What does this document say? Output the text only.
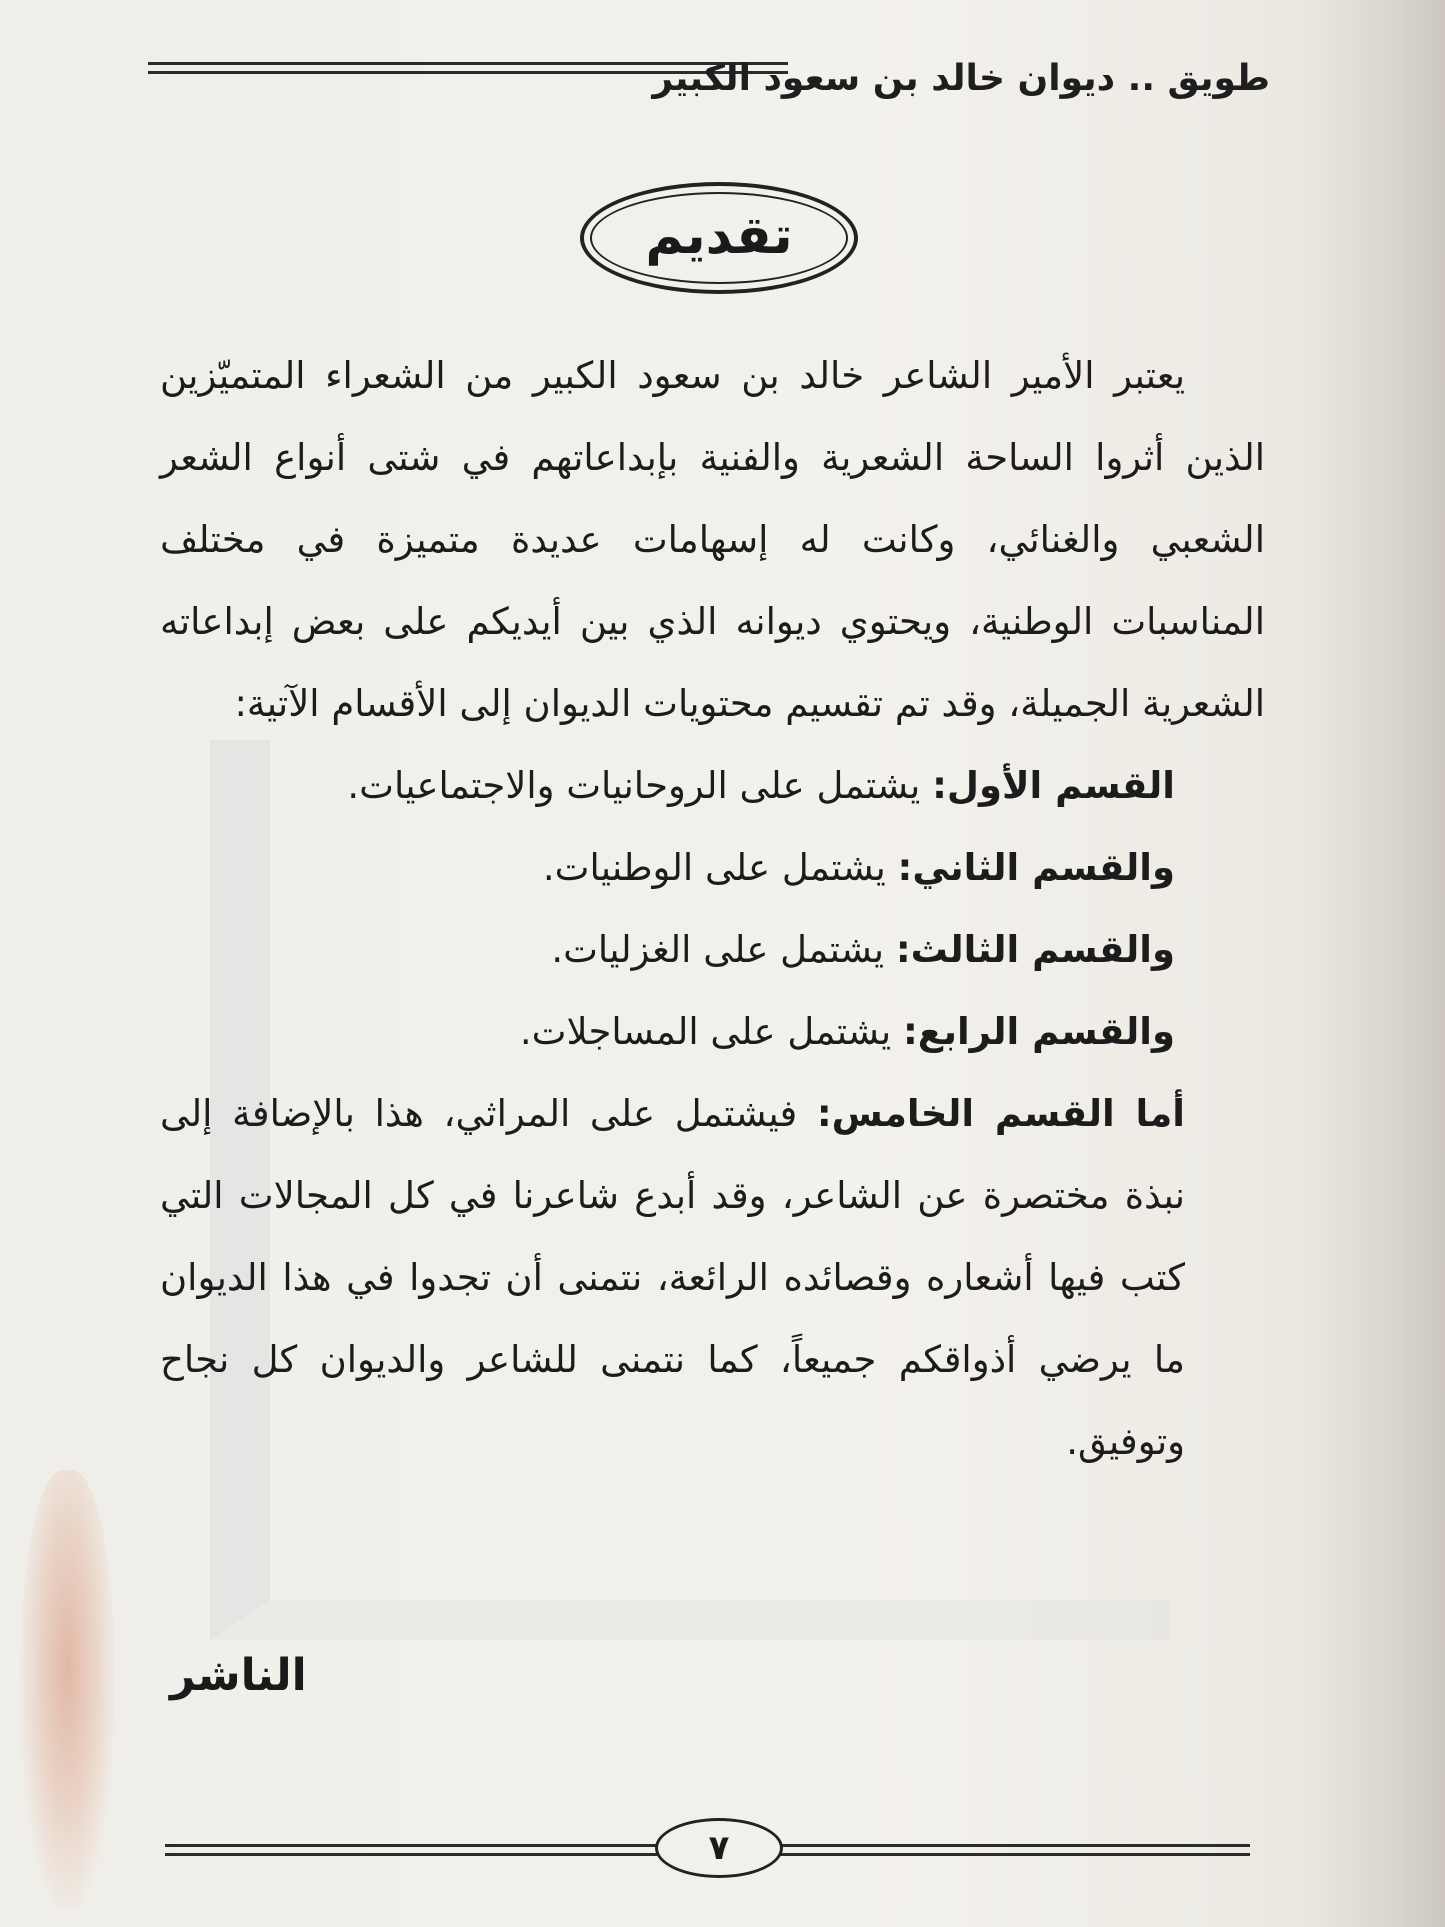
طويق .. ديوان خالد بن سعود الكبير
تقديم

يعتبر الأمير الشاعر خالد بن سعود الكبير من الشعراء المتميّزين الذين أثروا الساحة الشعرية والفنية بإبداعاتهم في شتى أنواع الشعر الشعبي والغنائي، وكانت له إسهامات عديدة متميزة في مختلف المناسبات الوطنية، ويحتوي ديوانه الذي بين أيديكم على بعض إبداعاته الشعرية الجميلة، وقد تم تقسيم محتويات الديوان إلى الأقسام الآتية:

القسم الأول: يشتمل على الروحانيات والاجتماعيات.

والقسم الثاني: يشتمل على الوطنيات.

والقسم الثالث: يشتمل على الغزليات.

والقسم الرابع: يشتمل على المساجلات.

أما القسم الخامس: فيشتمل على المراثي، هذا بالإضافة إلى نبذة مختصرة عن الشاعر، وقد أبدع شاعرنا في كل المجالات التي كتب فيها أشعاره وقصائده الرائعة، نتمنى أن تجدوا في هذا الديوان ما يرضي أذواقكم جميعاً، كما نتمنى للشاعر والديوان كل نجاح وتوفيق.

الناشر
٧
